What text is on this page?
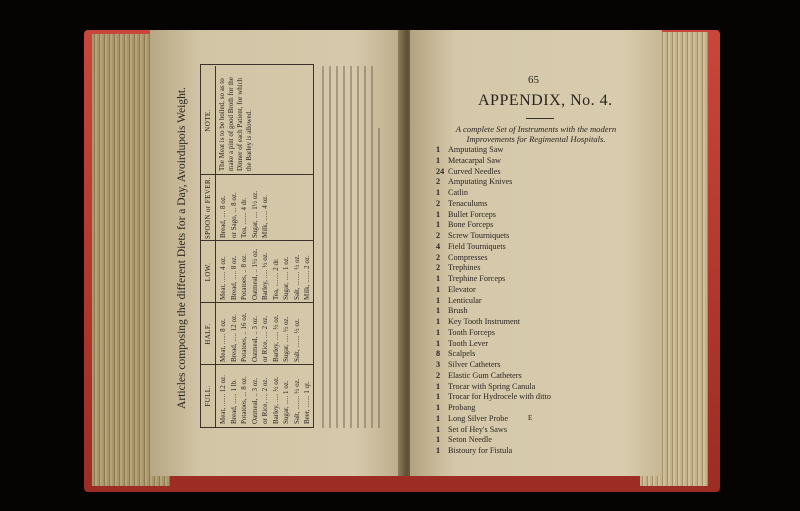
Articles composing the different Diets for a Day, Avoirdupois Weight.	FULL.	Meat, ....... 12 oz. Bread, ...... 1 lb. Potatoes, ... 8 oz. Oatmeal, .. 3 oz. or Rice, .... 2 oz. Barley, ..... ½ oz. Sugar, ..... 1 oz. Salt, ........ ½ oz. Beer, ....... 1 qt.
HALF.	Meat, ...... 8 oz. Bread, ..... 12 oz. Potatoes, .. 16 oz. Oatmeal, .. 3 oz. or Rice, .... 2 oz. Barley, ..... ½ oz. Sugar, ..... ½ oz. Salt, ....... ½ oz.
LOW.	Meat, ...... 4 oz. Bread, ..... 8 oz. Potatoes, .. 8 oz. Oatmeal, .. 1½ oz. Barley, ..... ½ oz. Tea, ........ 2 dr. Sugar, ..... 1 oz. Salt, ........ ½ oz. Milk, ....... 2 oz.
SPOON or FEVER.	Bread, .... 8 oz. or Sago, ... 8 oz. Tea, ....... 4 dr. Sugar, .... 1½ oz. Milk, ...... 4 oz.
NOTE. The Meat is to be boiled, so as to make a pint of good Broth for the Dinner of each Patient, for which the Barley is allowed.
65
APPENDIX, No. 4.
A complete Set of Instruments with the modern Improvements for Regimental Hospitals.
1 Amputating Saw
1 Metacarpal Saw
24 Curved Needles
2 Amputating Knives
1 Catlin
2 Tenaculums
1 Bullet Forceps
1 Bone Forceps
2 Screw Tourniquets
4 Field Tourniquets
2 Compresses
2 Trephines
1 Trephine Forceps
1 Elevator
1 Lenticular
1 Brush
1 Key Tooth Instrument
1 Tooth Forceps
1 Tooth Lever
8 Scalpels
3 Silver Catheters
2 Elastic Gum Catheters
1 Trocar with Spring Canula
1 Trocar for Hydrocele with ditto
1 Probang
1 Long Silver Probe
1 Set of Hey's Saws
1 Seton Needle
1 Bistoury for Fistula
E
